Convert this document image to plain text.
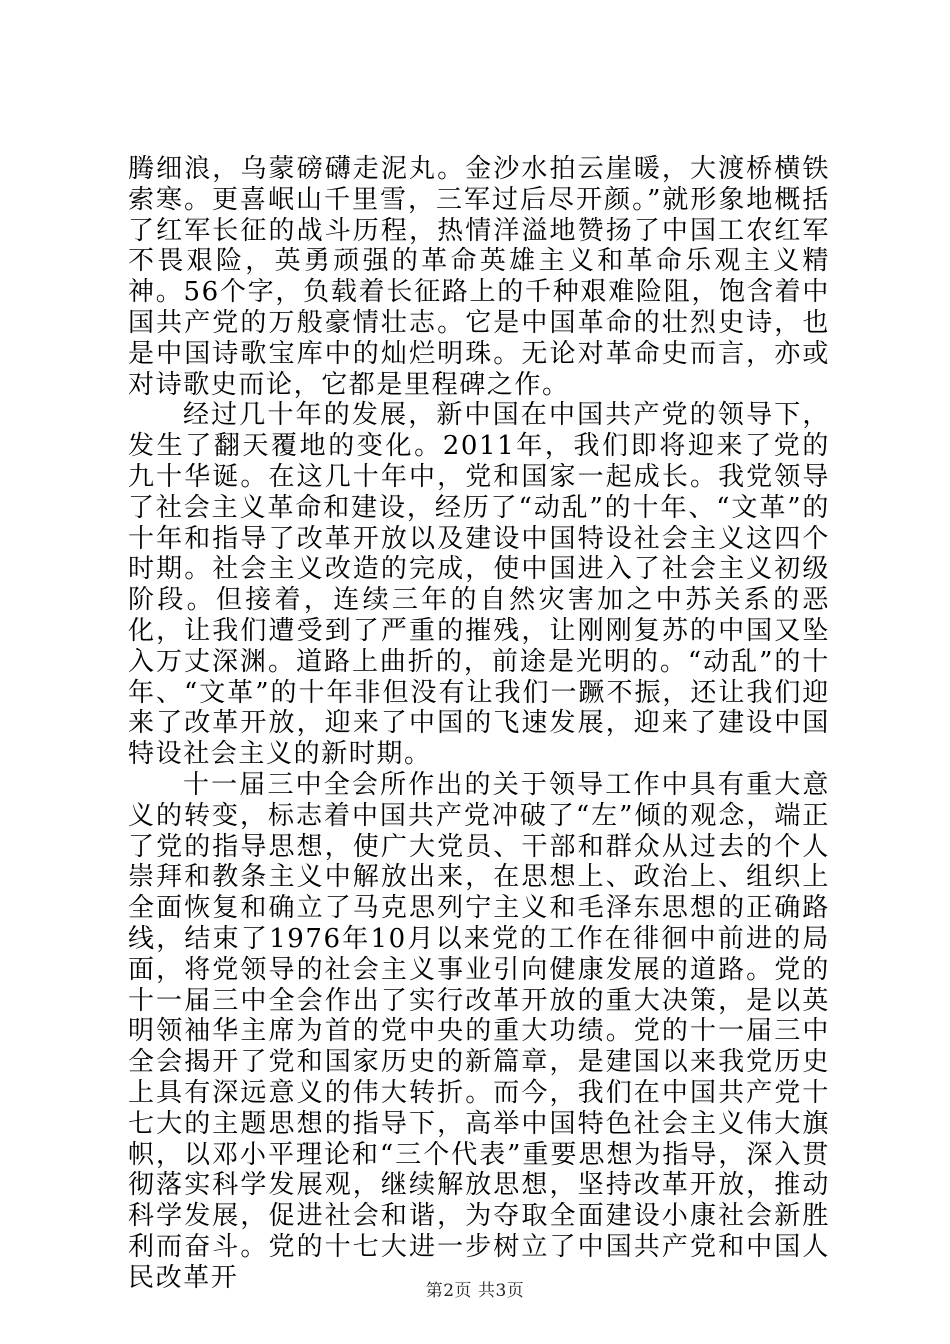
腾细浪，乌蒙磅礴走泥丸。金沙水拍云崖暖，大渡桥横铁索寒。更喜岷山千里雪，三军过后尽开颜。”就形象地概括了红军长征的战斗历程，热情洋溢地赞扬了中国工农红军不畏艰险，英勇顽强的革命英雄主义和革命乐观主义精神。56个字，负载着长征路上的千种艰难险阻，饱含着中国共产党的万般豪情壮志。它是中国革命的壮烈史诗，也是中国诗歌宝库中的灿烂明珠。无论对革命史而言，亦或对诗歌史而论，它都是里程碑之作。

经过几十年的发展，新中国在中国共产党的领导下，发生了翻天覆地的变化。2011年，我们即将迎来了党的九十华诞。在这几十年中，党和国家一起成长。我党领导了社会主义革命和建设，经历了“动乱”的十年、“文革”的十年和指导了改革开放以及建设中国特设社会主义这四个时期。社会主义改造的完成，使中国进入了社会主义初级阶段。但接着，连续三年的自然灾害加之中苏关系的恶化，让我们遭受到了严重的摧残，让刚刚复苏的中国又坠入万丈深渊。道路上曲折的，前途是光明的。“动乱”的十年、“文革”的十年非但没有让我们一蹶不振，还让我们迎来了改革开放，迎来了中国的飞速发展，迎来了建设中国特设社会主义的新时期。

十一届三中全会所作出的关于领导工作中具有重大意义的转变，标志着中国共产党冲破了“左”倾的观念，端正了党的指导思想，使广大党员、干部和群众从过去的个人崇拜和教条主义中解放出来，在思想上、政治上、组织上全面恢复和确立了马克思列宁主义和毛泽东思想的正确路线，结束了1976年10月以来党的工作在徘徊中前进的局面，将党领导的社会主义事业引向健康发展的道路。党的十一届三中全会作出了实行改革开放的重大决策，是以英明领袖华主席为首的党中央的重大功绩。党的十一届三中全会揭开了党和国家历史的新篇章，是建国以来我党历史上具有深远意义的伟大转折。而今，我们在中国共产党十七大的主题思想的指导下，高举中国特色社会主义伟大旗帜，以邓小平理论和“三个代表”重要思想为指导，深入贯彻落实科学发展观，继续解放思想，坚持改革开放，推动科学发展，促进社会和谐，为夺取全面建设小康社会新胜利而奋斗。党的十七大进一步树立了中国共产党和中国人民改革开	第2页 共3页
